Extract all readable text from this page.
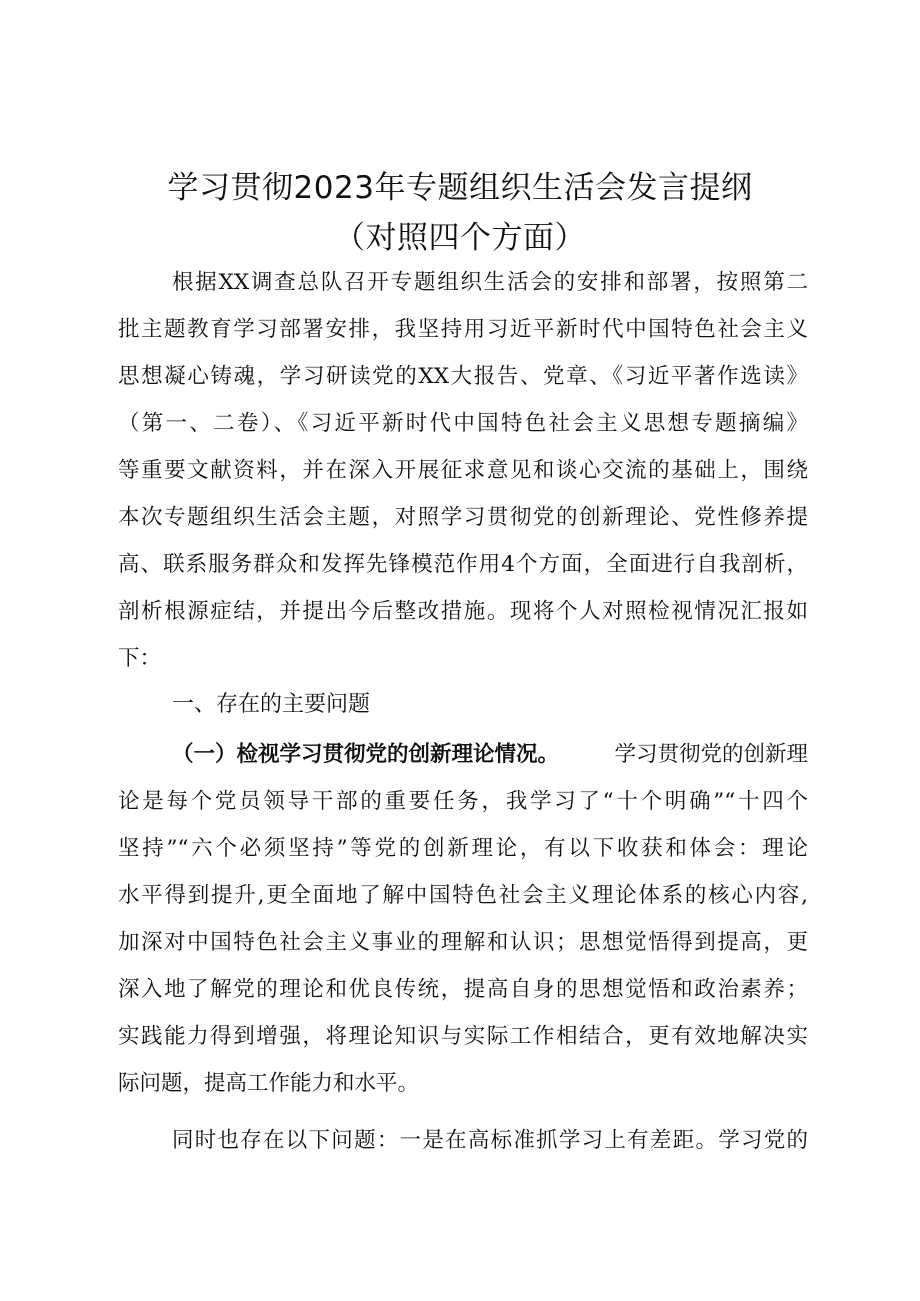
学习贯彻2023年专题组织生活会发言提纲
（对照四个方面）
根据XX调查总队召开专题组织生活会的安排和部署，按照第二
批主题教育学习部署安排，我坚持用习近平新时代中国特色社会主义
思想凝心铸魂，学习研读党的XX大报告、党章、《习近平著作选读》
（第一、二卷）、《习近平新时代中国特色社会主义思想专题摘编》
等重要文献资料，并在深入开展征求意见和谈心交流的基础上，围绕
本次专题组织生活会主题，对照学习贯彻党的创新理论、党性修养提
高、联系服务群众和发挥先锋模范作用4个方面，全面进行自我剖析，
剖析根源症结，并提出今后整改措施。现将个人对照检视情况汇报如
下：
一、存在的主要问题
（一）检视学习贯彻党的创新理论情况。	学习贯彻党的创新理
论是每个党员领导干部的重要任务，我学习了“十个明确”“十四个
坚持”“六个必须坚持”等党的创新理论，有以下收获和体会：理论
水平得到提升,更全面地了解中国特色社会主义理论体系的核心内容,
加深对中国特色社会主义事业的理解和认识；思想觉悟得到提高，更
深入地了解党的理论和优良传统，提高自身的思想觉悟和政治素养；
实践能力得到增强，将理论知识与实际工作相结合，更有效地解决实
际问题，提高工作能力和水平。
同时也存在以下问题：一是在高标准抓学习上有差距。学习党的
